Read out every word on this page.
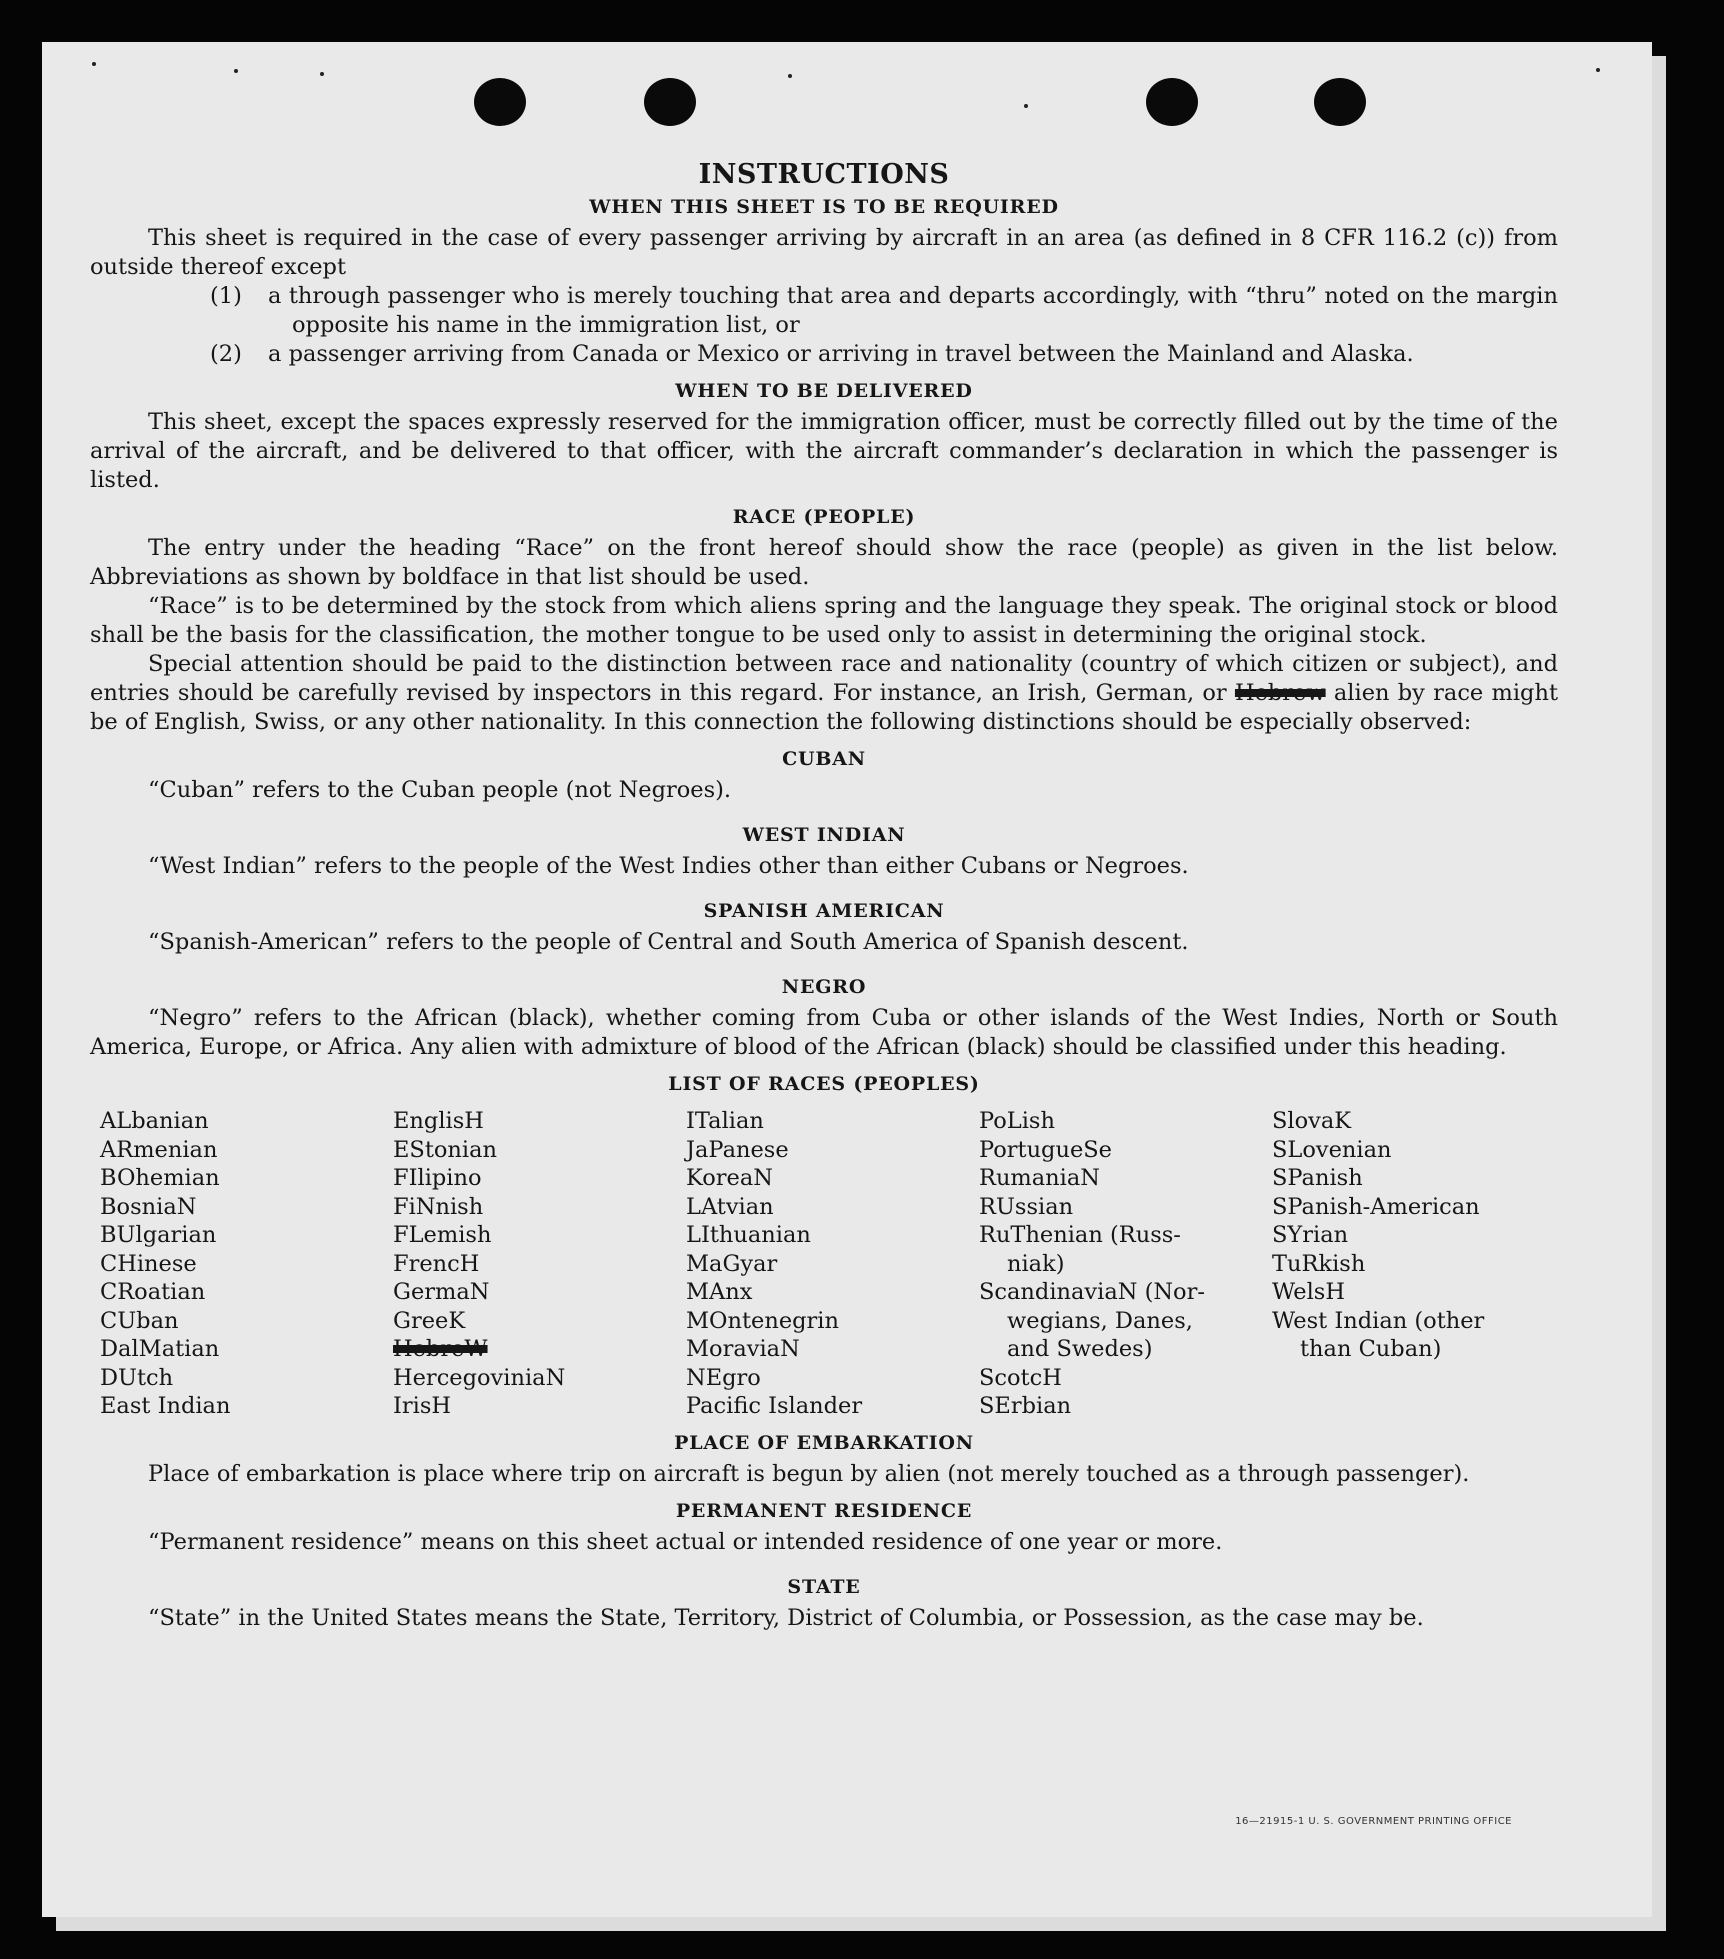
INSTRUCTIONS
WHEN THIS SHEET IS TO BE REQUIRED

This sheet is required in the case of every passenger arriving by aircraft in an area (as defined in 8 CFR 116.2 (c)) from outside thereof except

(1) a through passenger who is merely touching that area and departs accordingly, with “thru” noted on the margin opposite his name in the immigration list, or

(2) a passenger arriving from Canada or Mexico or arriving in travel between the Mainland and Alaska.

WHEN TO BE DELIVERED

This sheet, except the spaces expressly reserved for the immigration officer, must be correctly filled out by the time of the arrival of the aircraft, and be delivered to that officer, with the aircraft commander’s declaration in which the passenger is listed.

RACE (PEOPLE)

The entry under the heading “Race” on the front hereof should show the race (people) as given in the list below. Abbreviations as shown by boldface in that list should be used.

“Race” is to be determined by the stock from which aliens spring and the language they speak. The original stock or blood shall be the basis for the classification, the mother tongue to be used only to assist in determining the original stock.

Special attention should be paid to the distinction between race and nationality (country of which citizen or subject), and entries should be carefully revised by inspectors in this regard. For instance, an Irish, German, or Hebrew alien by race might be of English, Swiss, or any other nationality. In this connection the following distinctions should be especially observed:

CUBAN

“Cuban” refers to the Cuban people (not Negroes).

WEST INDIAN

“West Indian” refers to the people of the West Indies other than either Cubans or Negroes.

SPANISH AMERICAN

“Spanish-American” refers to the people of Central and South America of Spanish descent.

NEGRO

“Negro” refers to the African (black), whether coming from Cuba or other islands of the West Indies, North or South America, Europe, or Africa. Any alien with admixture of blood of the African (black) should be classified under this heading.

LIST OF RACES (PEOPLES)
ALbanian
ARmenian
BOhemian
BosniaN
BUlgarian
CHinese
CRoatian
CUban
DalMatian
DUtch
East Indian
EnglisH
EStonian
FIlipino
FiNnish
FLemish
FrencH
GermaN
GreeK
HebreW
HercegoviniaN
IrisH
ITalian
JaPanese
KoreaN
LAtvian
LIthuanian
MaGyar
MAnx
MOntenegrin
MoraviaN
NEgro
Pacific Islander
PoLish
PortugueSe
RumaniaN
RUssian
RuThenian (Russ-
niak)
ScandinaviaN (Nor-
wegians, Danes,
and Swedes)
ScotcH
SErbian
SlovaK
SLovenian
SPanish
SPanish-American
SYrian
TuRkish
WelsH
West Indian (other
than Cuban)
PLACE OF EMBARKATION

Place of embarkation is place where trip on aircraft is begun by alien (not merely touched as a through passenger).

PERMANENT RESIDENCE

“Permanent residence” means on this sheet actual or intended residence of one year or more.

STATE

“State” in the United States means the State, Territory, District of Columbia, or Possession, as the case may be.

16—21915-1 U. S. GOVERNMENT PRINTING OFFICE
